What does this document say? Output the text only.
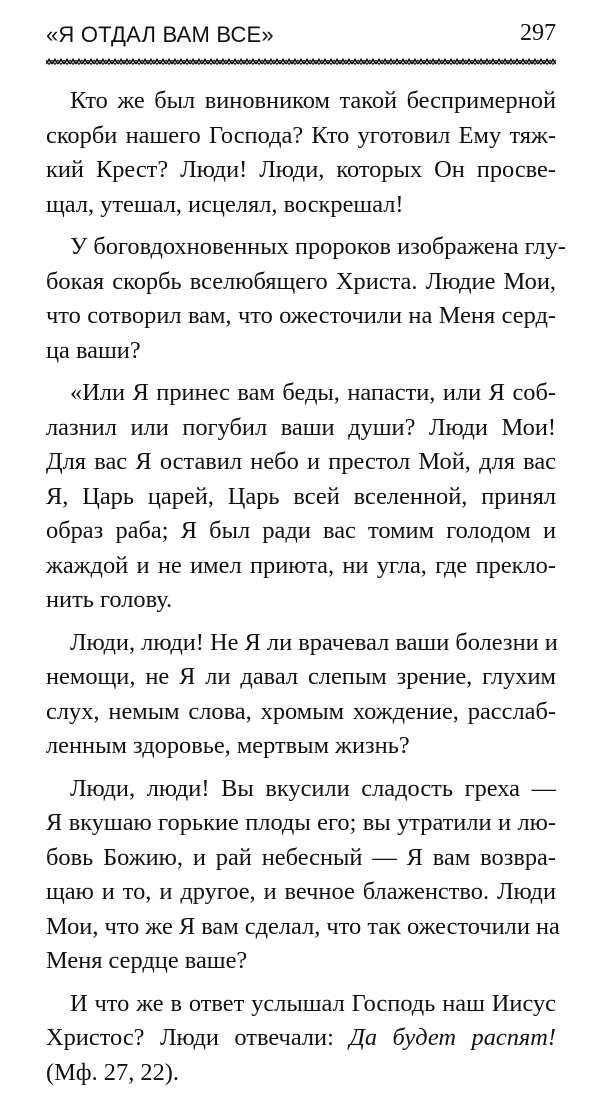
«Я ОТДАЛ ВАМ ВСЕ»	297
Кто же был виновником такой беспримерной
скорби нашего Господа? Кто уготовил Ему тяж-
кий Крест? Люди! Люди, которых Он просве-
щал, утешал, исцелял, воскрешал!
У боговдохновенных пророков изображена глу-
бокая скорбь вселюбящего Христа. Людие Мои,
что сотворил вам, что ожесточили на Меня серд-
ца ваши?
«Или Я принес вам беды, напасти, или Я соб-
лазнил или погубил ваши души? Люди Мои!
Для вас Я оставил небо и престол Мой, для вас
Я, Царь царей, Царь всей вселенной, принял
образ раба; Я был ради вас томим голодом и
жаждой и не имел приюта, ни угла, где прекло-
нить голову.
Люди, люди! Не Я ли врачевал ваши болезни и
немощи, не Я ли давал слепым зрение, глухим
слух, немым слова, хромым хождение, расслаб-
ленным здоровье, мертвым жизнь?
Люди, люди! Вы вкусили сладость греха —
Я вкушаю горькие плоды его; вы утратили и лю-
бовь Божию, и рай небесный — Я вам возвра-
щаю и то, и другое, и вечное блаженство. Люди
Мои, что же Я вам сделал, что так ожесточили на
Меня сердце ваше?
И что же в ответ услышал Господь наш Иисус
Христос? Люди отвечали: Да будет распят!
(Мф. 27, 22).
